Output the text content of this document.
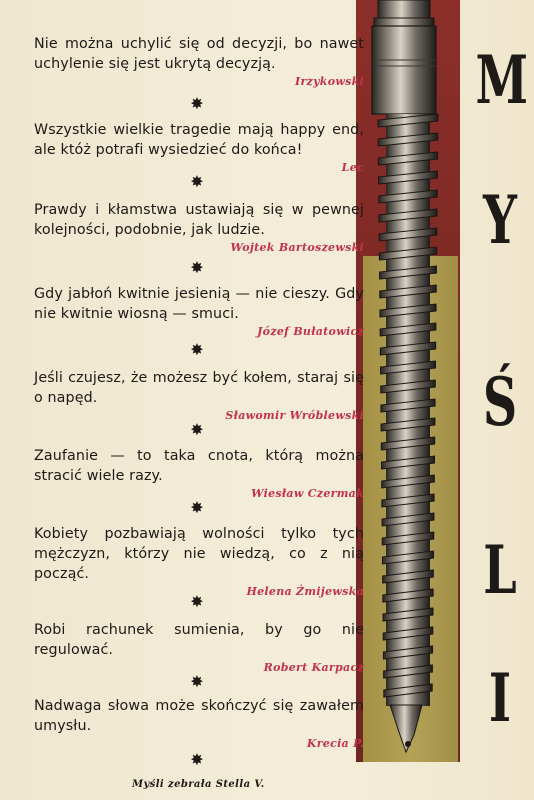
Nie można uchylić się od decyzji, bo nawet uchylenie się jest ukrytą decyzją.
Irzykowski
✸
Wszystkie wielkie tragedie mają happy end, ale któż potrafi wysiedzieć do końca!
Lec
✸
Prawdy i kłamstwa ustawiają się w pewnej kolejności, podobnie, jak ludzie.
Wojtek Bartoszewski
✸
Gdy jabłoń kwitnie jesienią — nie cieszy. Gdy nie kwitnie wiosną — smuci.
Józef Bułatowicz
✸
Jeśli czujesz, że możesz być kołem, staraj się o napęd.
Sławomir Wróblewski
✸
Zaufanie — to taka cnota, którą można stracić wiele razy.
Wiesław Czermak
✸
Kobiety pozbawiają wolności tylko tych mężczyzn, którzy nie wiedzą, co z nią począć.
Helena Żmijewska
✸
Robi rachunek sumienia, by go nie regulować.
Robert Karpacz
✸
Nadwaga słowa może skończyć się zawałem umysłu.
Krecia P.
✸
Myśli zebrała Stella V.
M
Y
Ś
L
I
